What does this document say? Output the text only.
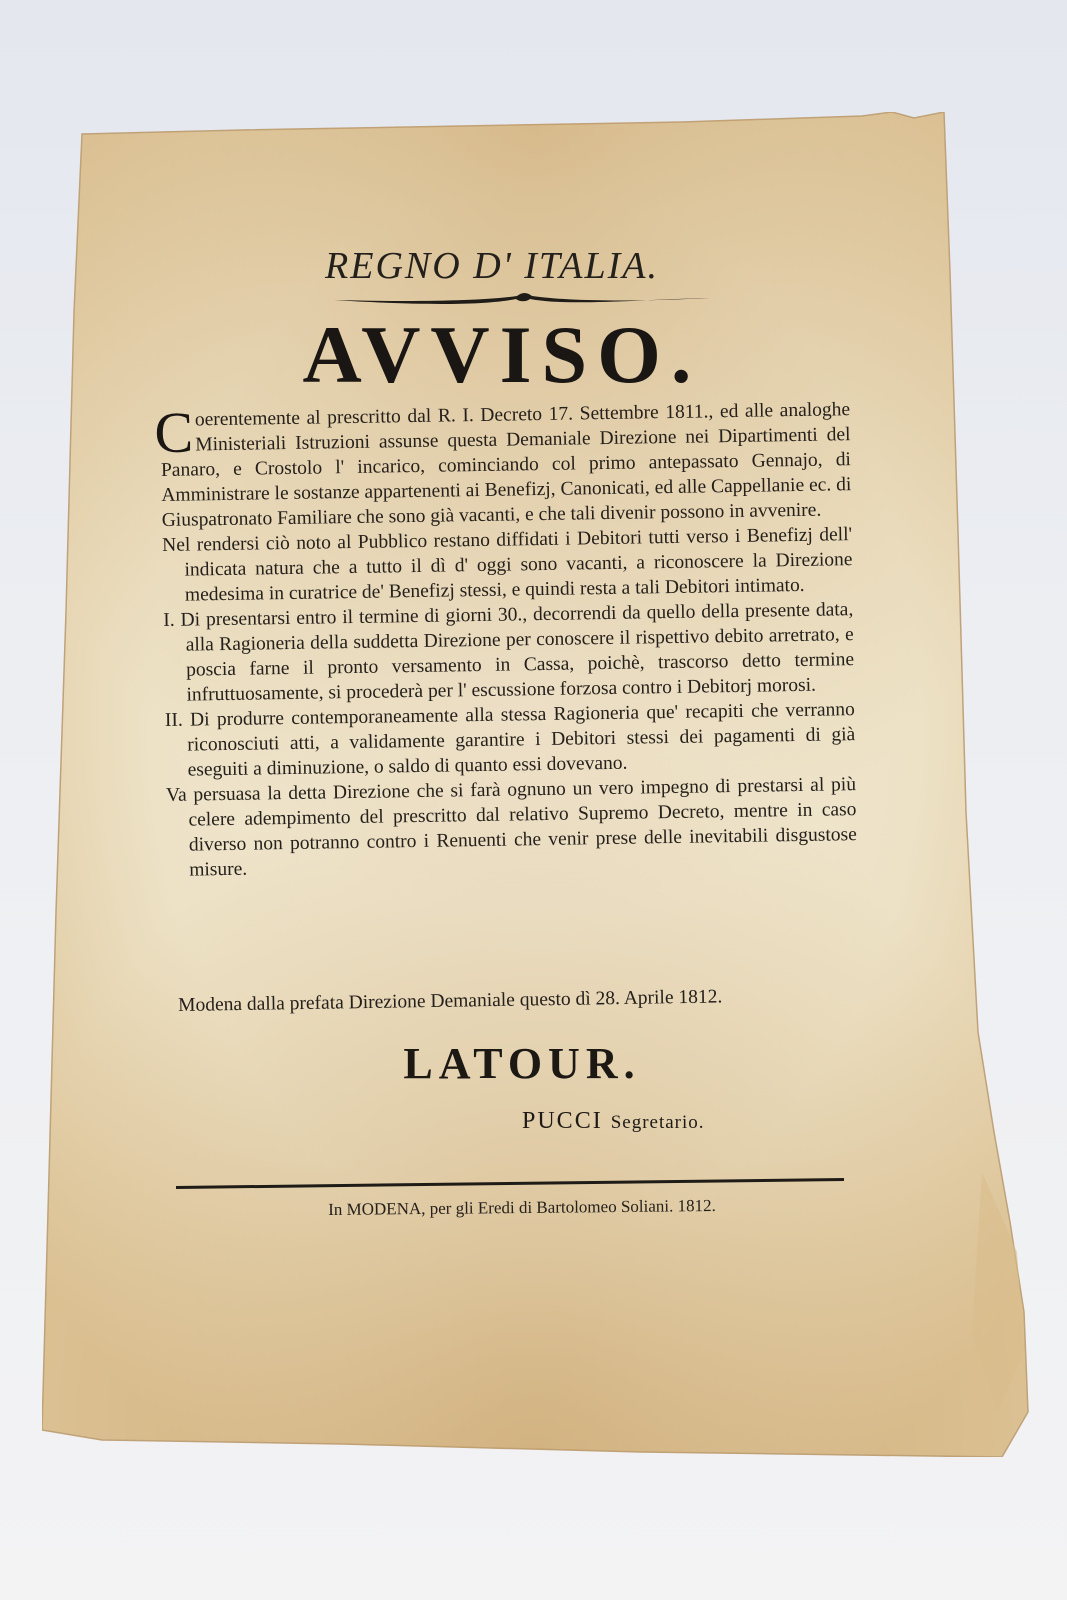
REGNO D' ITALIA.
AVVISO.

Coerentemente al prescritto dal R. I. Decreto 17. Settembre 1811., ed alle analoghe Ministeriali Istruzioni assunse questa Demaniale Direzione nei Dipartimenti del Panaro, e Crostolo l' incarico, cominciando col primo antepassato Gennajo, di Amministrare le sostanze appartenenti ai Benefizj, Canonicati, ed alle Cappellanie ec. di Giuspatronato Familiare che sono già vacanti, e che tali divenir possono in avvenire.

Nel rendersi ciò noto al Pubblico restano diffidati i Debitori tutti verso i Benefizj dell' indicata natura che a tutto il dì d' oggi sono vacanti, a riconoscere la Direzione medesima in curatrice de' Benefizj stessi, e quindi resta a tali Debitori intimato.

I. Di presentarsi entro il termine di giorni 30., decorrendi da quello della presente data, alla Ragioneria della suddetta Direzione per conoscere il rispettivo debito arretrato, e poscia farne il pronto versamento in Cassa, poichè, trascorso detto termine infruttuosamente, si procederà per l' escussione forzosa contro i Debitorj morosi.

II. Di produrre contemporaneamente alla stessa Ragioneria que' recapiti che verranno riconosciuti atti, a validamente garantire i Debitori stessi dei pagamenti di già eseguiti a diminuzione, o saldo di quanto essi dovevano.

Va persuasa la detta Direzione che si farà ognuno un vero impegno di prestarsi al più celere adempimento del prescritto dal relativo Supremo Decreto, mentre in caso diverso non potranno contro i Renuenti che venir prese delle inevitabili disgustose misure.

Modena dalla prefata Direzione Demaniale questo dì 28. Aprile 1812.
LATOUR.
PUCCI Segretario.
In MODENA, per gli Eredi di Bartolomeo Soliani. 1812.
